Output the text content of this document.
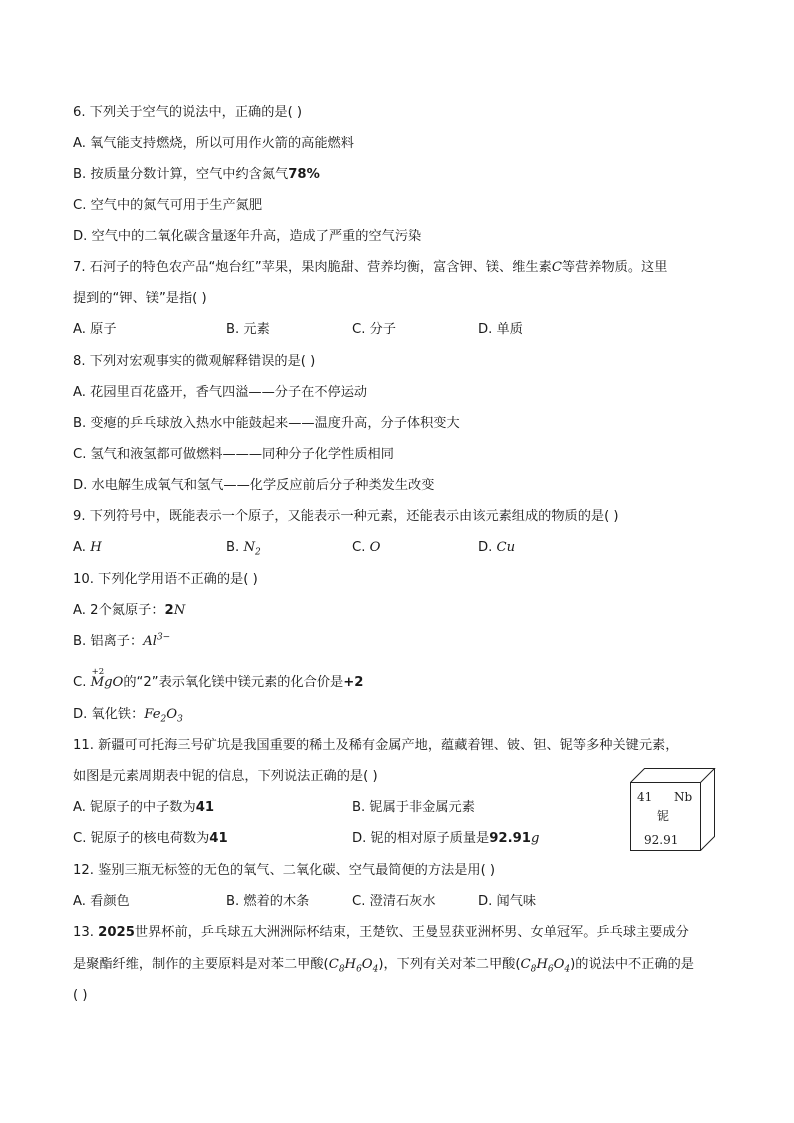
6. 下列关于空气的说法中，正确的是( )
A. 氧气能支持燃烧，所以可用作火箭的高能燃料
B. 按质量分数计算，空气中约含氮气78%
C. 空气中的氮气可用于生产氮肥
D. 空气中的二氧化碳含量逐年升高，造成了严重的空气污染
7. 石河子的特色农产品“炮台红”苹果，果肉脆甜、营养均衡，富含钾、镁、维生素C等营养物质。这里
提到的“钾、镁”是指( )
A. 原子	B. 元素	C. 分子	D. 单质
8. 下列对宏观事实的微观解释错误的是( )
A. 花园里百花盛开，香气四溢——分子在不停运动
B. 变瘪的乒乓球放入热水中能鼓起来——温度升高，分子体积变大
C. 氢气和液氢都可做燃料———同种分子化学性质相同
D. 水电解生成氧气和氢气——化学反应前后分子种类发生改变
9. 下列符号中，既能表示一个原子，又能表示一种元素，还能表示由该元素组成的物质的是( )
A. H	B. $N_2$	C. O	D. Cu
10. 下列化学用语不正确的是( )
A. 2个氮原子：2N
B. 铝离子：$Al^{3-}$
C. Mg
+2
O的“2”表示氧化镁中镁元素的化合价是+2
D. 氧化铁：$Fe_2O_3$
11. 新疆可可托海三号矿坑是我国重要的稀土及稀有金属产地，蕴藏着锂、铍、钽、铌等多种关键元素，
如图是元素周期表中铌的信息，下列说法正确的是( )
A. 铌原子的中子数为41	B. 铌属于非金属元素
C. 铌原子的核电荷数为41	D. 铌的相对原子质量是92.91g
41 Nb
铌
92.91
12. 鉴别三瓶无标签的无色的氧气、二氧化碳、空气最简便的方法是用( )
A. 看颜色	B. 燃着的木条	C. 澄清石灰水	D. 闻气味
13. 2025世界杯前，乒乓球五大洲洲际杯结束，王楚钦、王曼昱获亚洲杯男、女单冠军。乒乓球主要成分
是聚酯纤维，制作的主要原料是对苯二甲酸$(C_8H_6O_4)$，下列有关对苯二甲酸$(C_8H_6O_4)$的说法中不正确的是
( )
